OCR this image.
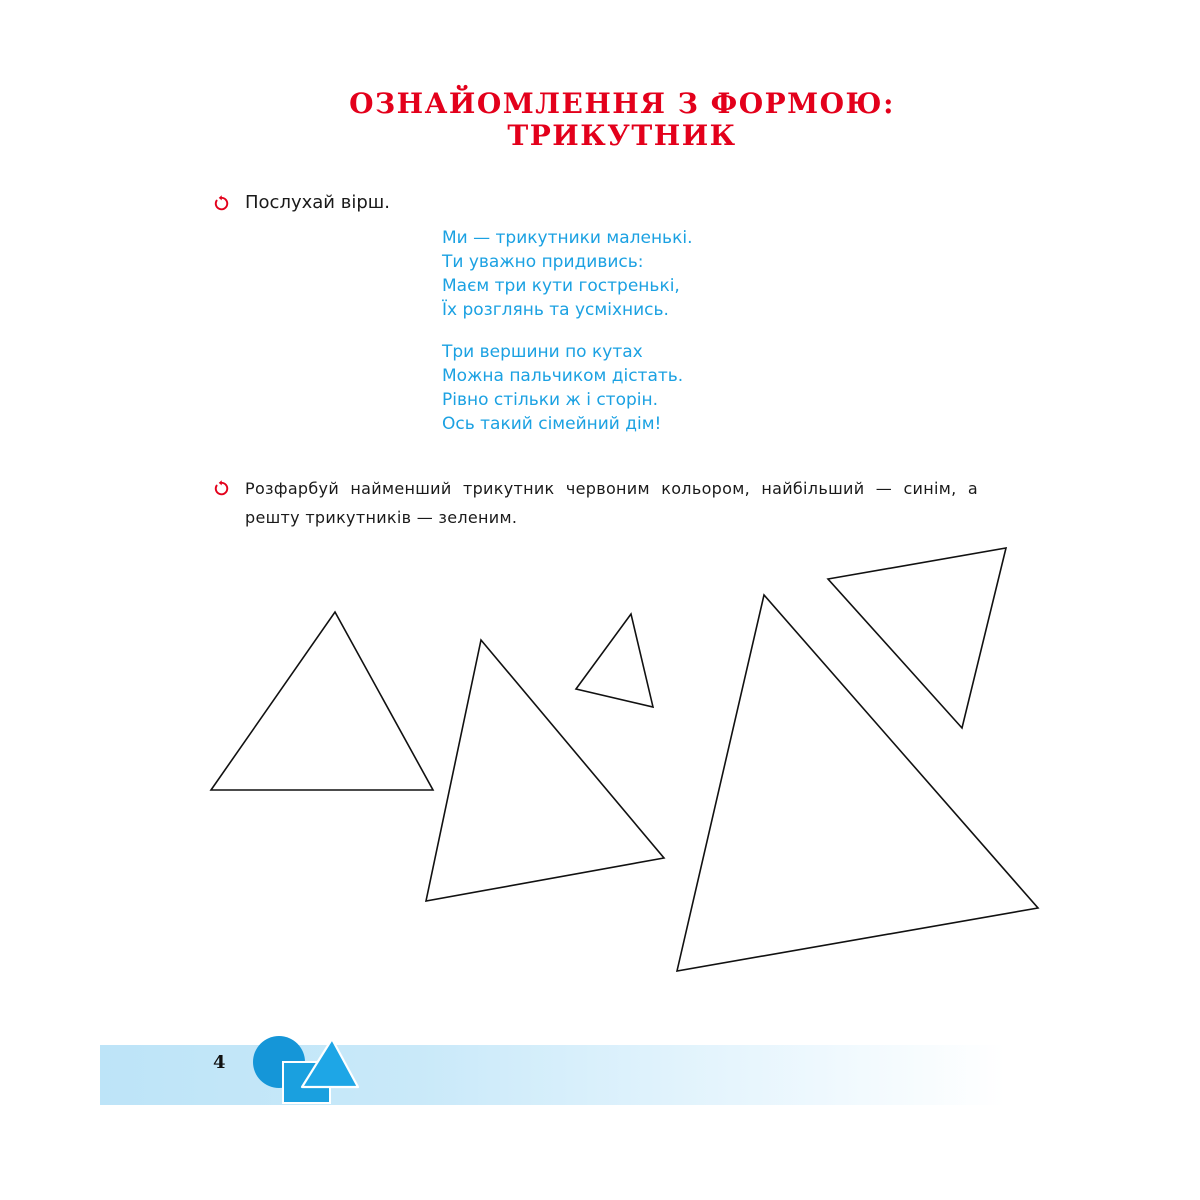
ОЗНАЙОМЛЕННЯ З ФОРМОЮ:
ТРИКУТНИК
Послухай вірш.
Ми — трикутники маленькі.
Ти уважно придивись:
Маєм три кути гостренькі,
Їх розглянь та усміхнись.
Три вершини по кутах
Можна пальчиком дістать.
Рівно стільки ж і сторін.
Ось такий сімейний дім!
Розфарбуй найменший трикутник червоним кольором, найбільший — синім, а
решту трикутників — зеленим.
4
